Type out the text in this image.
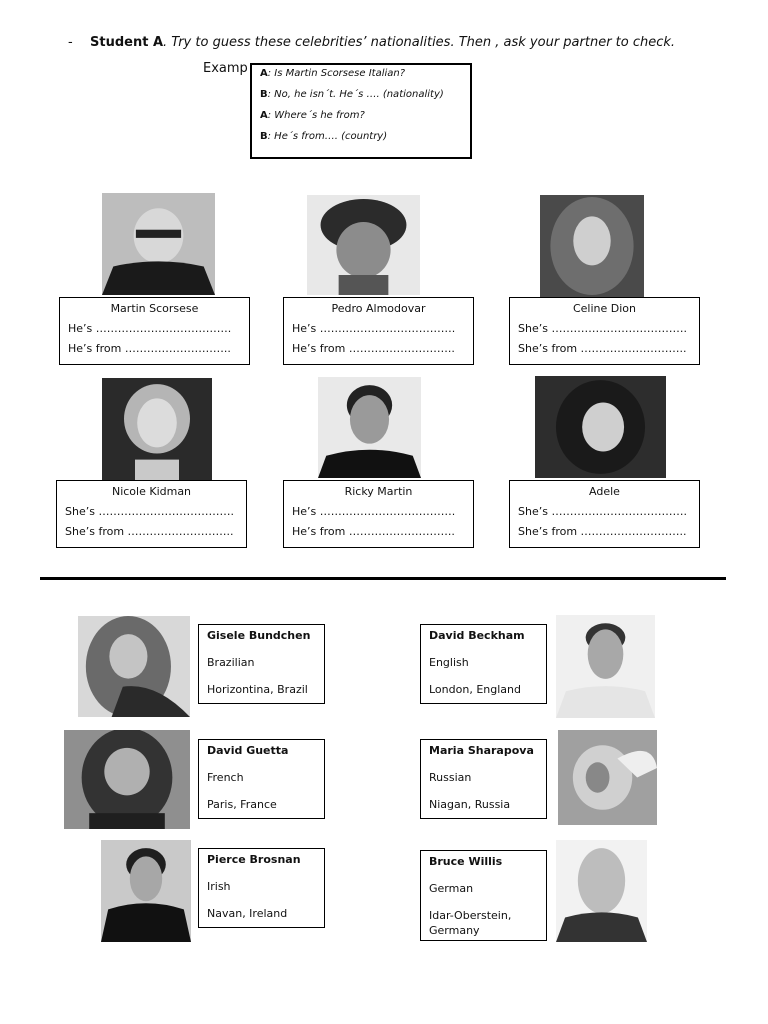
- Student A. Try to guess these celebrities’ nationalities. Then , ask your partner to check.
Examp A: Is Martin Scorsese Italian?

B: No, he isn´t. He´s …. (nationality)

A: Where´s he from?

B: He´s from…. (country)

Martin Scorsese
He’s ……………………………….
He’s from ………………………..
Pedro Almodovar
He’s ……………………………….
He’s from ………………………..
Celine Dion
She’s ……………………………….
She’s from ………………………..
Nicole Kidman
She’s ……………………………….
She’s from ………………………..
Ricky Martin
He’s ……………………………….
He’s from ………………………..
Adele
She’s ……………………………….
She’s from ………………………..
Gisele Bundchen
Brazilian
Horizontina, Brazil
David Beckham
English
London, England
David Guetta
French
Paris, France
Maria Sharapova
Russian
Niagan, Russia
Pierce Brosnan
Irish
Navan, Ireland
Bruce Willis
German
Idar-Oberstein, Germany
